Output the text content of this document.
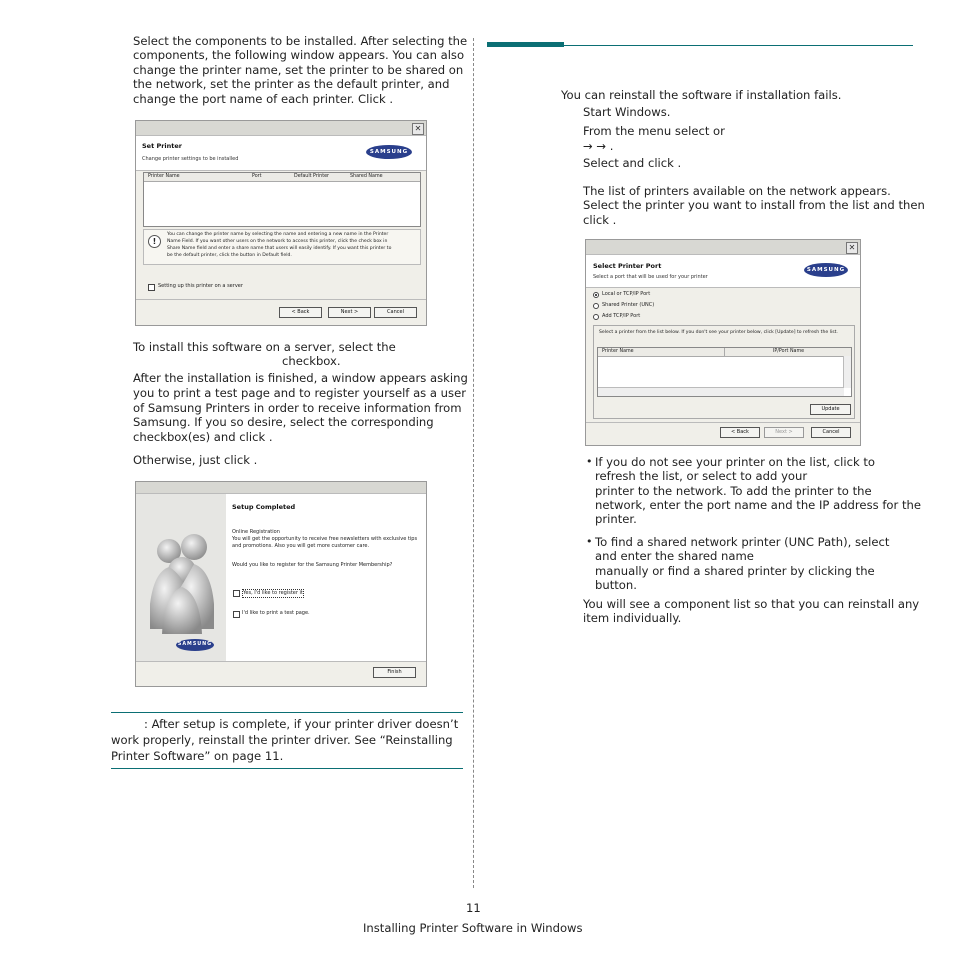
Select the components to be installed. After selecting the
components, the following window appears. You can also
change the printer name, set the printer to be shared on
the network, set the printer as the default printer, and
change the port name of each printer. Click .
✕
Set Printer
Change printer settings to be installed
SAMSUNG
Printer Name	Port	Default Printer	Shared Name
!
You can change the printer name by selecting the name and entering a new name in the Printer
Name Field. If you want other users on the network to access this printer, click the check box in
Share Name field and enter a share name that users will easily identify. If you want this printer to
be the default printer, click the button in Default field.
Setting up this printer on a server
< Back	Next >	Cancel
To install this software on a server, select the
checkbox.
After the installation is finished, a window appears asking
you to print a test page and to register yourself as a user
of Samsung Printers in order to receive information from
Samsung. If you so desire, select the corresponding
checkbox(es) and click .
Otherwise, just click .
SAMSUNG
Setup Completed
Online Registration
You will get the opportunity to receive free newsletters with exclusive tips
and promotions. Also you will get more customer care.
Would you like to register for the Samsung Printer Membership?
Yes, I'd like to register it
I'd like to print a test page.
Finish
: After setup is complete, if your printer driver doesn’t
work properly, reinstall the printer driver. See “Reinstalling
Printer Software” on page 11.
You can reinstall the software if installation fails.
Start Windows.
From the menu select or
→ → .
Select and click .
The list of printers available on the network appears.
Select the printer you want to install from the list and then
click .
✕
Select Printer Port
Select a port that will be used for your printer
SAMSUNG
Local or TCP/IP Port
Shared Printer (UNC)
Add TCP/IP Port
Select a printer from the list below. If you don't see your printer below, click [Update] to refresh the list.
Printer Name	IP/Port Name
Update
< Back	Next >	Cancel
• If you do not see your printer on the list, click to
refresh the list, or select to add your
printer to the network. To add the printer to the
network, enter the port name and the IP address for the
printer.
• To find a shared network printer (UNC Path), select
and enter the shared name
manually or find a shared printer by clicking the
button.
You will see a component list so that you can reinstall any
item individually.
11
Installing Printer Software in Windows
